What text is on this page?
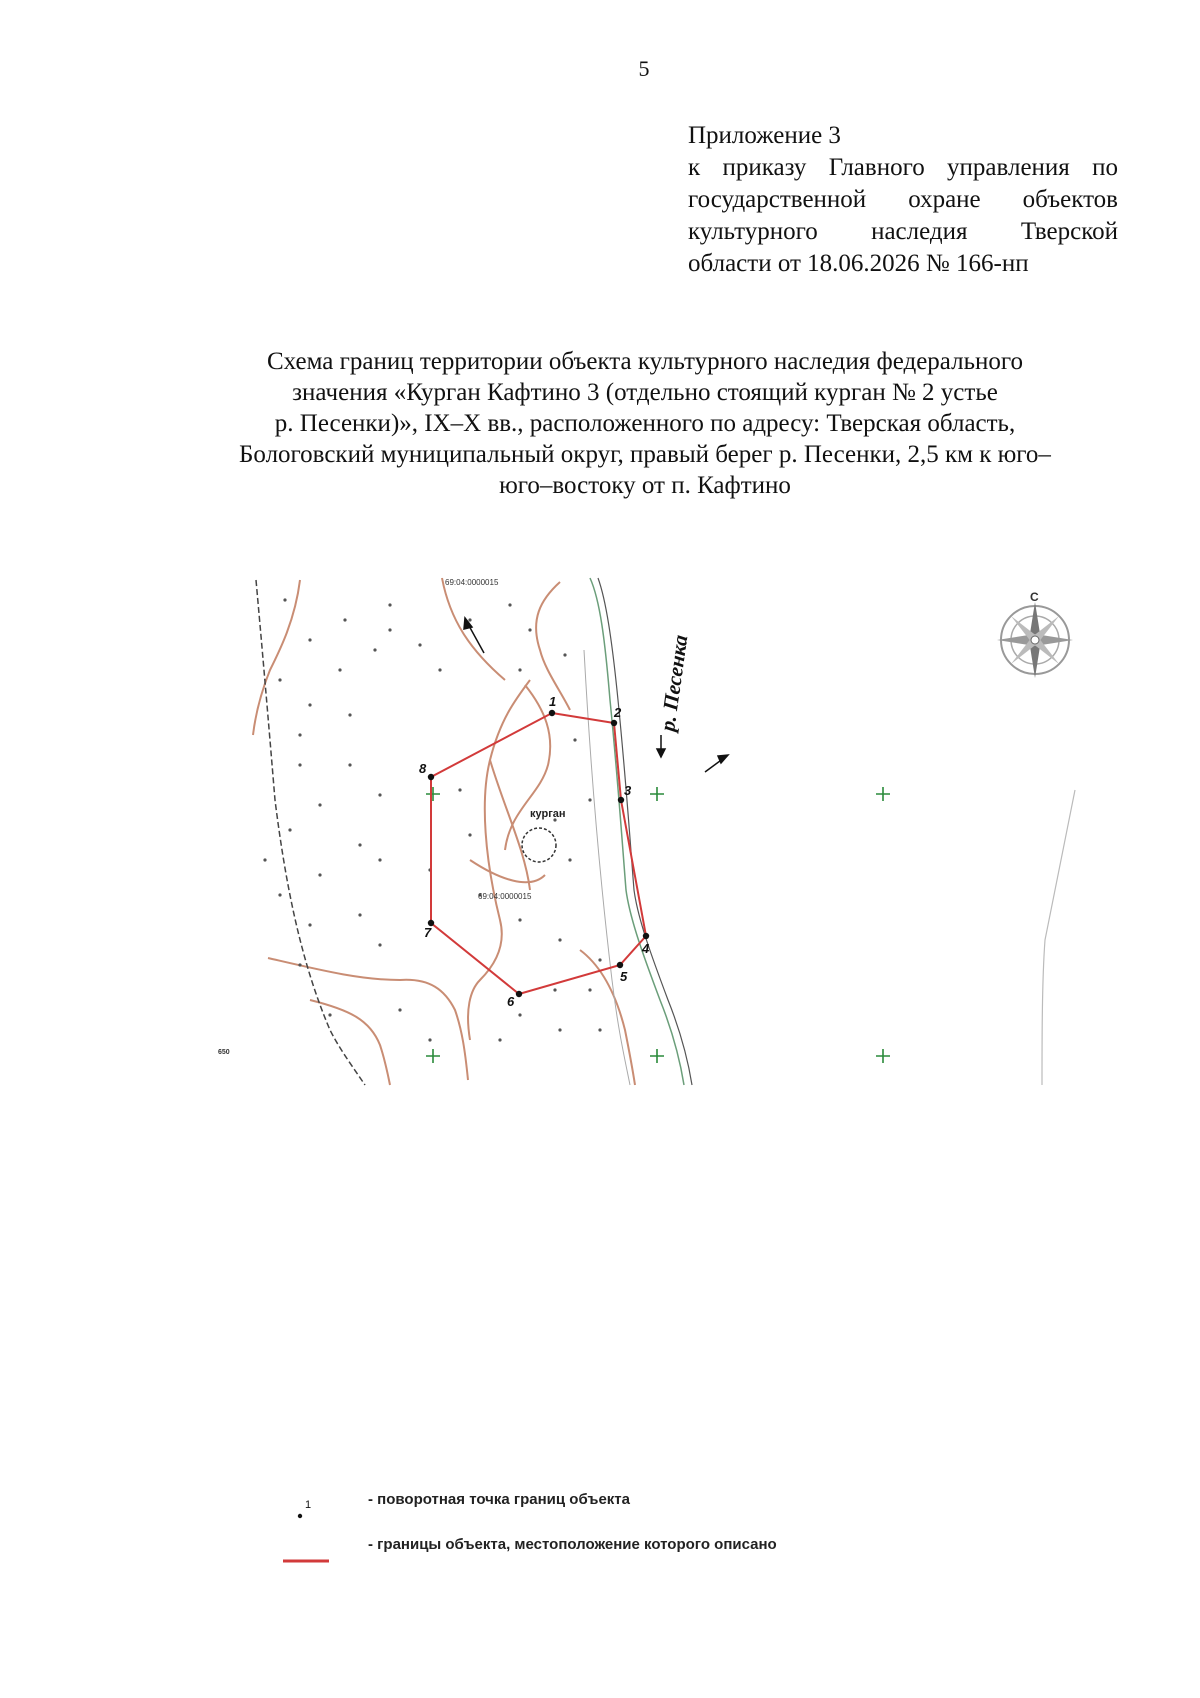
5
Приложение 3
к приказу Главного управления по
государственной охране объектов
культурного наследия Тверской
области от 18.06.2026 № 166-нп
Схема границ территории объекта культурного наследия федерального
значения «Курган Кафтино 3 (отдельно стоящий курган № 2 устье
р. Песенки)», IX–X вв., расположенного по адресу: Тверская область,
Бологовский муниципальный округ, правый берег р. Песенки, 2,5 км к юго–
юго–востоку от п. Кафтино
курган
69:04:0000015
69:04:0000015
650
р. Песенка
С
1
2
3
4
5
6
7
8
1	- поворотная точка границ объекта
- границы объекта, местоположение которого описано
